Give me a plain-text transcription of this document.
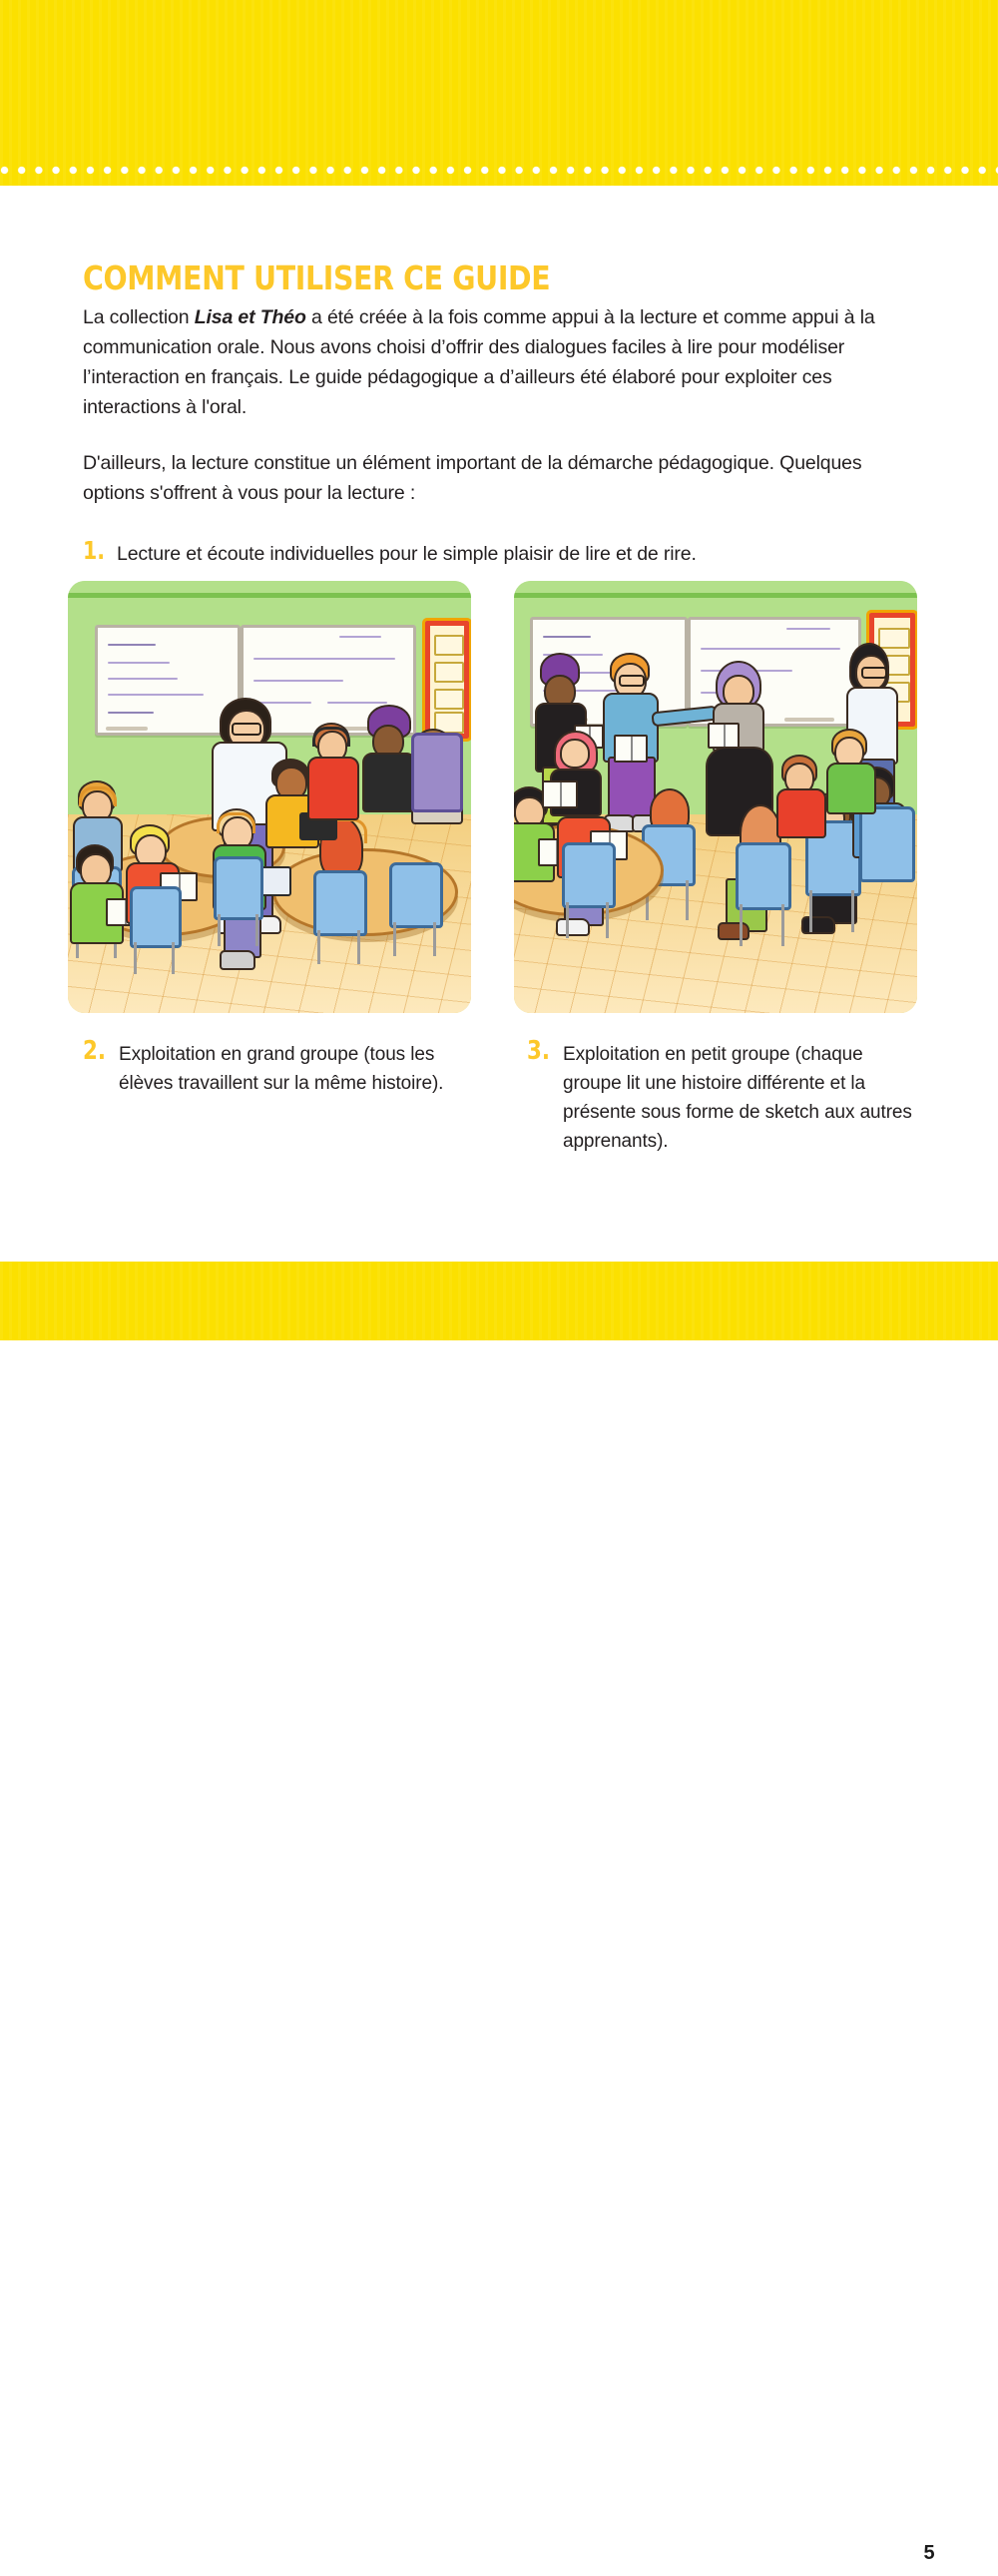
COMMENT UTILISER CE GUIDE

La collection Lisa et Théo a été créée à la fois comme appui à la lecture et comme appui à la communication orale. Nous avons choisi d’offrir des dialogues faciles à lire pour modéliser l’interaction en français. Le guide pédagogique a d’ailleurs été élaboré pour exploiter ces interactions à l'oral.

D'ailleurs, la lecture constitue un élément important de la démarche pédagogique. Quelques options s'offrent à vous pour la lecture :

1. Lecture et écoute individuelles pour le simple plaisir de lire et de rire.
2. Exploitation en grand groupe (tous les élèves travaillent sur la même histoire).
3. Exploitation en petit groupe (chaque groupe lit une histoire différente et la présente sous forme de sketch aux autres apprenants).
5
